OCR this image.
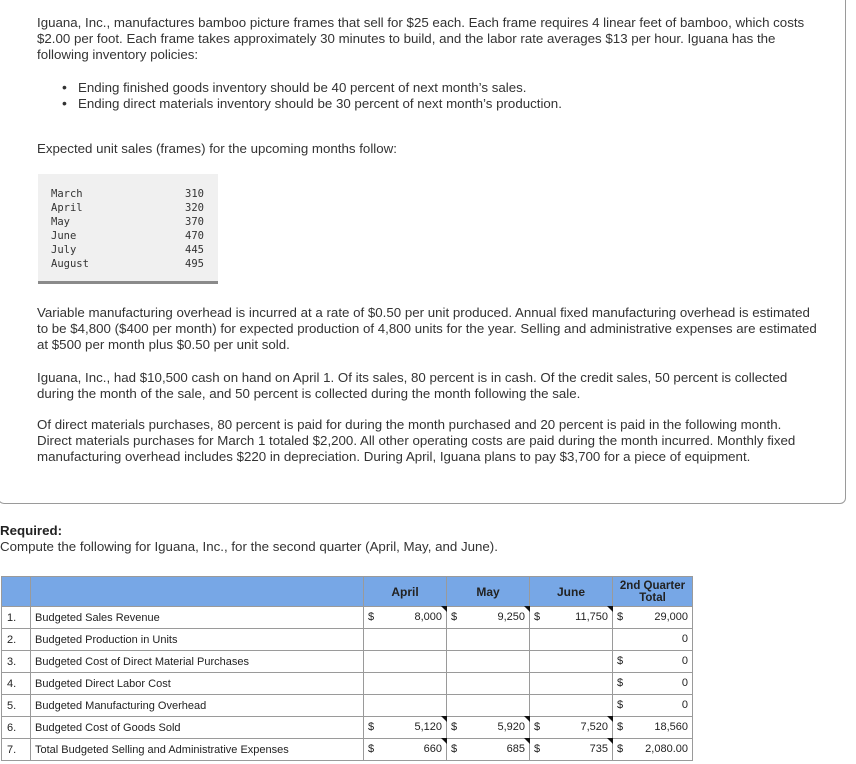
Iguana, Inc., manufactures bamboo picture frames that sell for $25 each. Each frame requires 4 linear feet of bamboo, which costs $2.00 per foot. Each frame takes approximately 30 minutes to build, and the labor rate averages $13 per hour. Iguana has the following inventory policies:

• Ending finished goods inventory should be 40 percent of next month’s sales.
• Ending direct materials inventory should be 30 percent of next month’s production.

Expected unit sales (frames) for the upcoming months follow:

March	310
April	320
May	370
June	470
July	445
August	495

Variable manufacturing overhead is incurred at a rate of $0.50 per unit produced. Annual fixed manufacturing overhead is estimated to be $4,800 ($400 per month) for expected production of 4,800 units for the year. Selling and administrative expenses are estimated at $500 per month plus $0.50 per unit sold.

Iguana, Inc., had $10,500 cash on hand on April 1. Of its sales, 80 percent is in cash. Of the credit sales, 50 percent is collected during the month of the sale, and 50 percent is collected during the month following the sale.

Of direct materials purchases, 80 percent is paid for during the month purchased and 20 percent is paid in the following month. Direct materials purchases for March 1 totaled $2,200. All other operating costs are paid during the month incurred. Monthly fixed manufacturing overhead includes $220 in depreciation. During April, Iguana plans to pay $3,700 for a piece of equipment.

Required:
Compute the following for Iguana, Inc., for the second quarter (April, May, and June).
		April	May	June	2nd Quarter
Total
1.	Budgeted Sales Revenue	$ 8,000	$ 9,250	$ 11,750	$ 29,000

2.	Budgeted Production in Units				0

3.	Budgeted Cost of Direct Material Purchases				$ 0

4.	Budgeted Direct Labor Cost				$ 0

5.	Budgeted Manufacturing Overhead				$ 0

6.	Budgeted Cost of Goods Sold	$ 5,120	$ 5,920	$ 7,520	$ 18,560

7.	Total Budgeted Selling and Administrative Expenses	$ 660	$ 685	$ 735	$ 2,080.00
